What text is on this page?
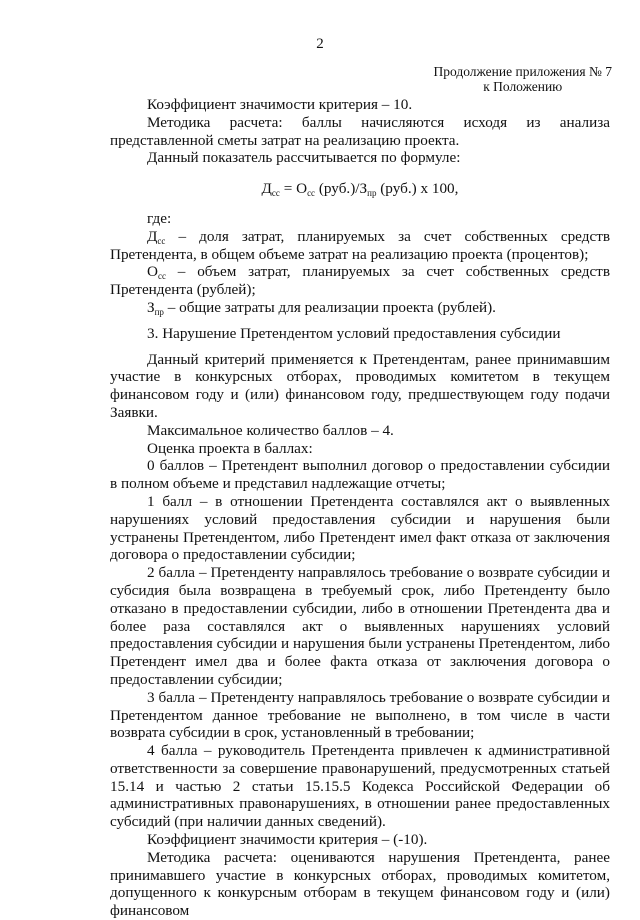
2
Продолжение приложения № 7
к Положению

Коэффициент значимости критерия – 10.

Методика расчета: баллы начисляются исходя из анализа представленной сметы затрат на реализацию проекта.

Данный показатель рассчитывается по формуле:

$Д_{сс} = О_{сс}$ $(руб.)/З_{пр}$ (руб.) х 100,

где:

$Д_{сс}$ – доля затрат, планируемых за счет собственных средств Претендента, в общем объеме затрат на реализацию проекта (процентов);

$О_{сс}$ – объем затрат, планируемых за счет собственных средств Претендента (рублей);

$З_{пр}$ – общие затраты для реализации проекта (рублей).

3. Нарушение Претендентом условий предоставления субсидии

Данный критерий применяется к Претендентам, ранее принимавшим участие в конкурсных отборах, проводимых комитетом в текущем финансовом году и (или) финансовом году, предшествующем году подачи Заявки.

Максимальное количество баллов – 4.

Оценка проекта в баллах:

0 баллов – Претендент выполнил договор о предоставлении субсидии в полном объеме и представил надлежащие отчеты;

1 балл – в отношении Претендента составлялся акт о выявленных нарушениях условий предоставления субсидии и нарушения были устранены Претендентом, либо Претендент имел факт отказа от заключения договора о предоставлении субсидии;

2 балла – Претенденту направлялось требование о возврате субсидии и субсидия была возвращена в требуемый срок, либо Претенденту было отказано в предоставлении субсидии, либо в отношении Претендента два и более раза составлялся акт о выявленных нарушениях условий предоставления субсидии и нарушения были устранены Претендентом, либо Претендент имел два и более факта отказа от заключения договора о предоставлении субсидии;

3 балла – Претенденту направлялось требование о возврате субсидии и Претендентом данное требование не выполнено, в том числе в части возврата субсидии в срок, установленный в требовании;

4 балла – руководитель Претендента привлечен к административной ответственности за совершение правонарушений, предусмотренных статьей 15.14 и частью 2 статьи 15.15.5 Кодекса Российской Федерации об административных правонарушениях, в отношении ранее предоставленных субсидий (при наличии данных сведений).

Коэффициент значимости критерия – (-10).

Методика расчета: оцениваются нарушения Претендента, ранее принимавшего участие в конкурсных отборах, проводимых комитетом, допущенного к конкурсным отборам в текущем финансовом году и (или) финансовом
